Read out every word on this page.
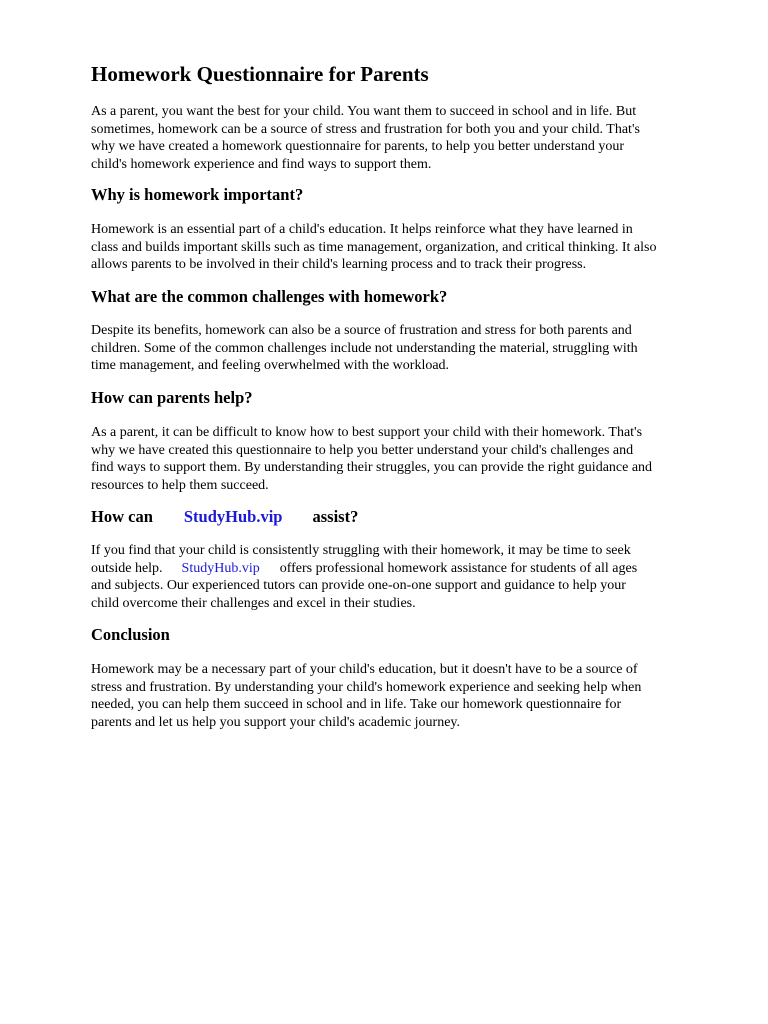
Homework Questionnaire for Parents

As a parent, you want the best for your child. You want them to succeed in school and in life. But
sometimes, homework can be a source of stress and frustration for both you and your child. That's
why we have created a homework questionnaire for parents, to help you better understand your
child's homework experience and find ways to support them.

Why is homework important?

Homework is an essential part of a child's education. It helps reinforce what they have learned in
class and builds important skills such as time management, organization, and critical thinking. It also
allows parents to be involved in their child's learning process and to track their progress.

What are the common challenges with homework?

Despite its benefits, homework can also be a source of frustration and stress for both parents and
children. Some of the common challenges include not understanding the material, struggling with
time management, and feeling overwhelmed with the workload.

How can parents help?

As a parent, it can be difficult to know how to best support your child with their homework. That's
why we have created this questionnaire to help you better understand your child's challenges and
find ways to support them. By understanding their struggles, you can provide the right guidance and
resources to help them succeed.

How can StudyHub.vip assist?

If you find that your child is consistently struggling with their homework, it may be time to seek
outside help. StudyHub.vip offers professional homework assistance for students of all ages
and subjects. Our experienced tutors can provide one-on-one support and guidance to help your
child overcome their challenges and excel in their studies.

Conclusion

Homework may be a necessary part of your child's education, but it doesn't have to be a source of
stress and frustration. By understanding your child's homework experience and seeking help when
needed, you can help them succeed in school and in life. Take our homework questionnaire for
parents and let us help you support your child's academic journey.
